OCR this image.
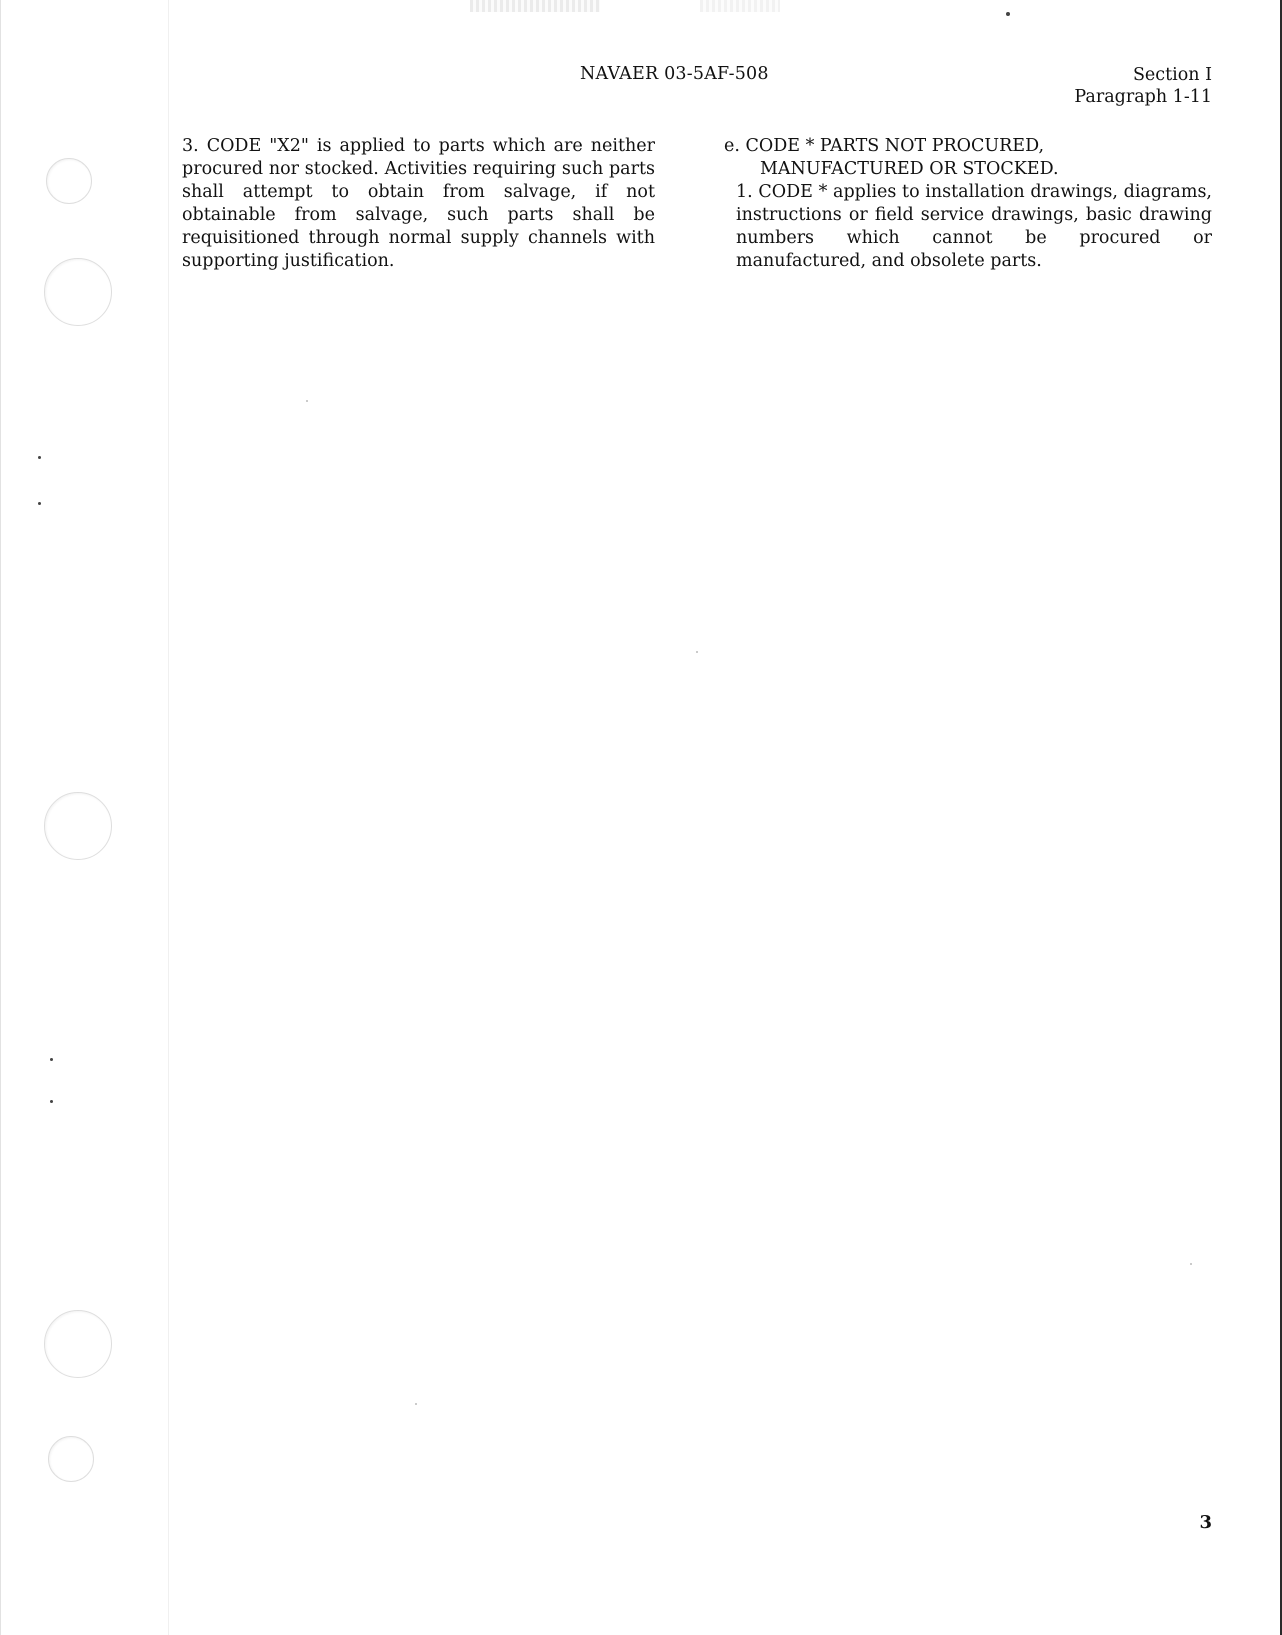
NAVAER 03-5AF-508	Section I
Paragraph 1-11

3. CODE "X2" is applied to parts which are neither procured nor stocked. Activities requiring such parts shall attempt to obtain from salvage, if not obtainable from salvage, such parts shall be requisitioned through normal supply channels with supporting justification.

e. CODE * PARTS NOT PROCURED,
MANUFACTURED OR STOCKED.

1. CODE * applies to installation drawings, diagrams, instructions or field service drawings, basic drawing numbers which cannot be procured or manufactured, and obsolete parts.

3
